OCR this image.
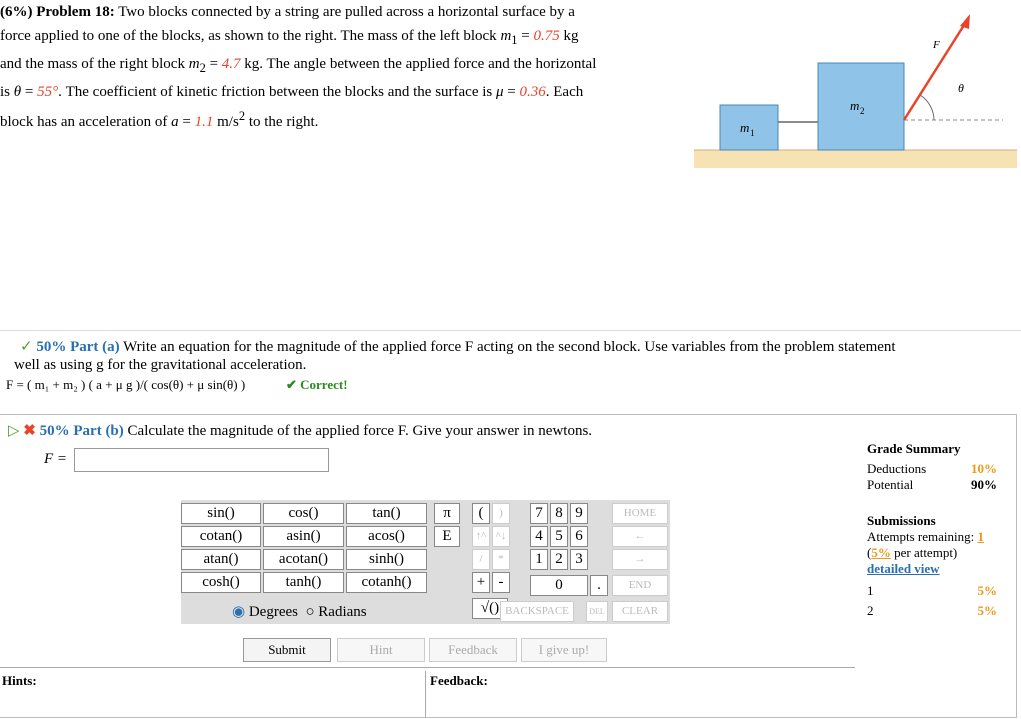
(6%) Problem 18: Two blocks connected by a string are pulled across a horizontal surface by a

force applied to one of the blocks, as shown to the right. The mass of the left block $m_1 = 0.75$ kg

and the mass of the right block $m_2 = 4.7$ kg. The angle between the applied force and the horizontal

is θ = 55°. The coefficient of kinetic friction between the blocks and the surface is μ = 0.36. Each

block has an acceleration of a = 1.1 $m/s^2$ to the right.	m 1
m 2
F
θ
✓ 50% Part (a) Write an equation for the magnitude of the applied force F acting on the second block. Use variables from the problem statement
well as using g for the gravitational acceleration.
F = ( m₁ + m₂ ) ( a + μ g )/( cos(θ) + μ sin(θ) )	✔ Correct!
▷ ✖ 50% Part (b) Calculate the magnitude of the applied force F. Give your answer in newtons.
F =
sin()	cos()	tan()
cotan()	asin()	acos()
atan()	acotan()	sinh()
cosh()	tanh()	cotanh()
◉ Degrees ○ Radians
π	(	)
E	↑^ ^↓
/	*
+ -
√()
7 8 9
4 5 6
1 2 3
0	.
HOME
←
→
END
BACKSPACE	DEL	CLEAR
Submit	Hint	Feedback	I give up!
Grade Summary
Deductions	10%
Potential	90%
Submissions
Attempts remaining: 1
(5% per attempt)
detailed view
1	5%
2	5%
Hints:	Feedback:
